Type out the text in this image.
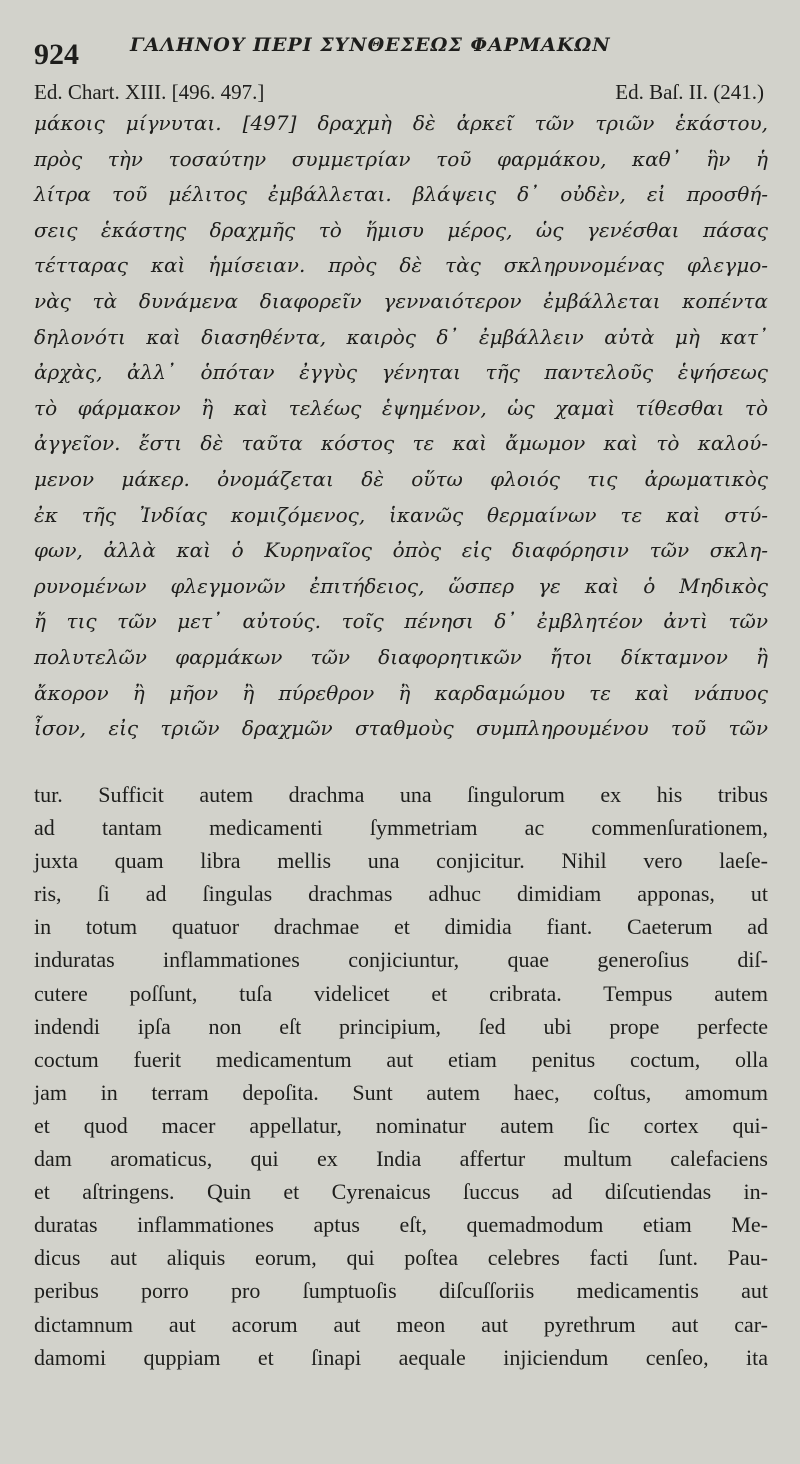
924	ΓΑΛΗΝΟΥ ΠΕΡΙ ΣΥΝΘΕΣΕΩΣ ΦΑΡΜΑΚΩΝ
Ed. Chart. XIII. [496. 497.]	Ed. Baſ. II. (241.)
μάκοις μίγνυται. [497] δραχμὴ δὲ ἀρκεῖ τῶν τριῶν ἑκάστου,
πρὸς τὴν τοσαύτην συμμετρίαν τοῦ φαρμάκου, καθ᾽ ἣν ἡ
λίτρα τοῦ μέλιτος ἐμβάλλεται. βλάψεις δ᾽ οὐδὲν, εἰ προσθή-
σεις ἑκάστης δραχμῆς τὸ ἥμισυ μέρος, ὡς γενέσθαι πάσας
τέτταρας καὶ ἡμίσειαν. πρὸς δὲ τὰς σκληρυνομένας φλεγμο-
νὰς τὰ δυνάμενα διαφορεῖν γενναιότερον ἐμβάλλεται κοπέντα
δηλονότι καὶ διασηθέντα, καιρὸς δ᾽ ἐμβάλλειν αὐτὰ μὴ κατ᾽
ἀρχὰς, ἀλλ᾽ ὁπόταν ἐγγὺς γένηται τῆς παντελοῦς ἑψήσεως
τὸ φάρμακον ἢ καὶ τελέως ἑψημένον, ὡς χαμαὶ τίθεσθαι τὸ
ἀγγεῖον. ἔστι δὲ ταῦτα κόστος τε καὶ ἄμωμον καὶ τὸ καλού-
μενον μάκερ. ὀνομάζεται δὲ οὕτω φλοιός τις ἀρωματικὸς
ἐκ τῆς Ἰνδίας κομιζόμενος, ἱκανῶς θερμαίνων τε καὶ στύ-
φων, ἀλλὰ καὶ ὁ Κυρηναῖος ὀπὸς εἰς διαφόρησιν τῶν σκλη-
ρυνομένων φλεγμονῶν ἐπιτήδειος, ὥσπερ γε καὶ ὁ Μηδικὸς
ἤ τις τῶν μετ᾽ αὐτούς. τοῖς πένησι δ᾽ ἐμβλητέον ἀντὶ τῶν
πολυτελῶν φαρμάκων τῶν διαφορητικῶν ἤτοι δίκταμνον ἢ
ἄκορον ἢ μῆον ἢ πύρεθρον ἢ καρδαμώμου τε καὶ νάπυος
ἶσον, εἰς τριῶν δραχμῶν σταθμοὺς συμπληρουμένου τοῦ τῶν
tur. Sufficit autem drachma una ſingulorum ex his tribus
ad tantam medicamenti ſymmetriam ac commenſurationem,
juxta quam libra mellis una conjicitur. Nihil vero laeſe-
ris, ſi ad ſingulas drachmas adhuc dimidiam apponas, ut
in totum quatuor drachmae et dimidia fiant. Caeterum ad
induratas inflammationes conjiciuntur, quae generoſius diſ-
cutere poſſunt, tuſa videlicet et cribrata. Tempus autem
indendi ipſa non eſt principium, ſed ubi prope perfecte
coctum fuerit medicamentum aut etiam penitus coctum, olla
jam in terram depoſita. Sunt autem haec, coſtus, amomum
et quod macer appellatur, nominatur autem ſic cortex qui-
dam aromaticus, qui ex India affertur multum calefaciens
et aſtringens. Quin et Cyrenaicus ſuccus ad diſcutiendas in-
duratas inflammationes aptus eſt, quemadmodum etiam Me-
dicus aut aliquis eorum, qui poſtea celebres facti ſunt. Pau-
peribus porro pro ſumptuoſis diſcuſſoriis medicamentis aut
dictamnum aut acorum aut meon aut pyrethrum aut car-
damomi quppiam et ſinapi aequale injiciendum cenſeo, ita
